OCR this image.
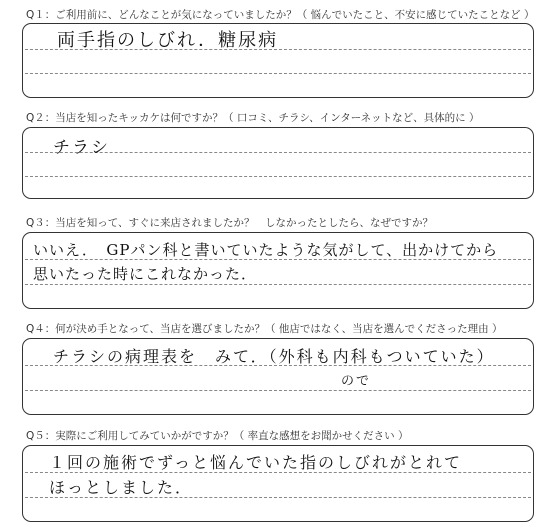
Q１：ご利用前に、どんなことが気になっていましたか？（ 悩んでいたこと、不安に感じていたことなど ）
両手指のしびれ．糖尿病
Q２：当店を知ったキッカケは何ですか？（ 口コミ、チラシ、インターネットなど、具体的に ）
チラシ
Q３：当店を知って、すぐに来店されましたか？　しなかったとしたら、なぜですか？
いいえ．　GPパン科と書いていたような気がして、出かけてから
思いたった時にこれなかった．
Q４：何が決め手となって、当店を選びましたか？（ 他店ではなく、当店を選んでくださった理由 ）
チラシの病理表を　みて．（外科も内科もついていた）
ので
Q５：実際にご利用してみていかがですか？（ 率直な感想をお聞かせください ）
１回の施術でずっと悩んでいた指のしびれがとれて
ほっとしました．
